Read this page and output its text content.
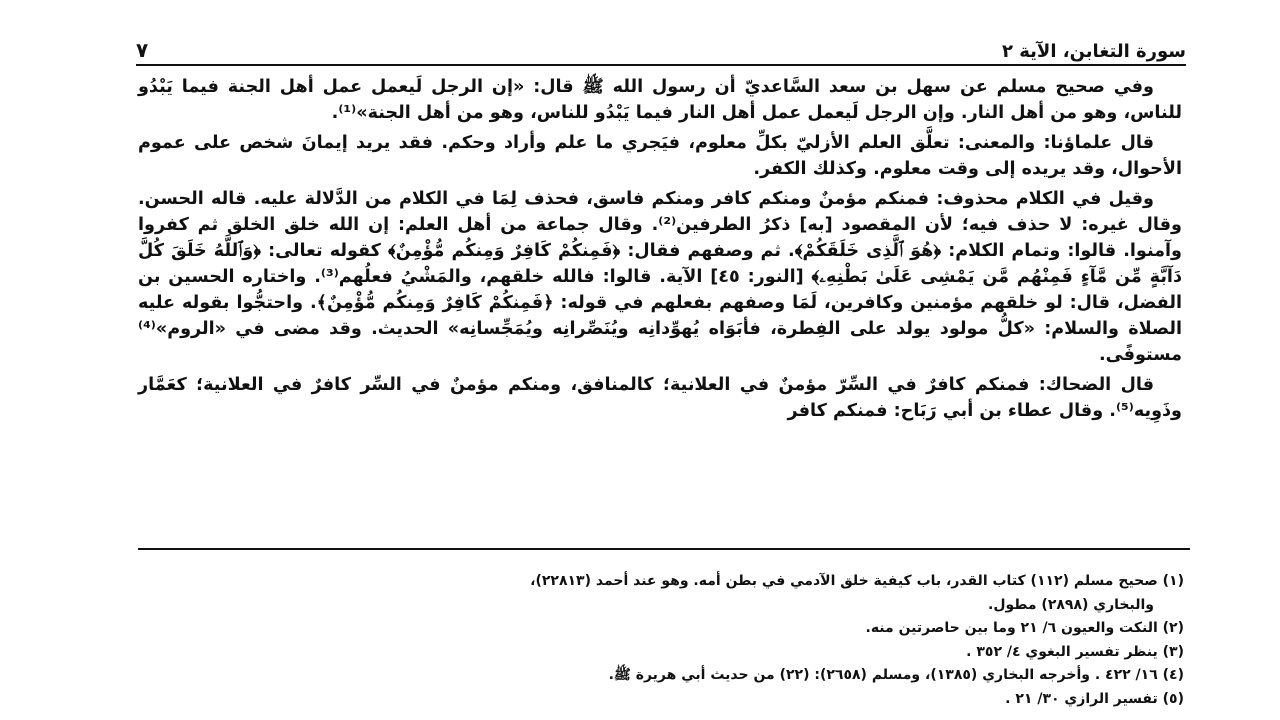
سورة التغابن، الآية ٢
٧

وفي صحيح مسلم عن سهل بن سعد السَّاعديّ أن رسول الله ﷺ قال: «إن الرجل لَيعمل عمل أهل الجنة فيما يَبْدُو للناس، وهو من أهل النار. وإن الرجل لَيعمل عمل أهل النار فيما يَبْدُو للناس، وهو من أهل الجنة»⁽¹⁾.

قال علماؤنا: والمعنى: تعلَّق العلم الأزليّ بكلِّ معلوم، فيَجري ما علم وأراد وحكم. فقد يريد إيمانَ شخص على عموم الأحوال، وقد يريده إلى وقت معلوم. وكذلك الكفر.

وقيل في الكلام محذوف: فمنكم مؤمنٌ ومنكم كافر ومنكم فاسق، فحذف لِمَا في الكلام من الدَّلالة عليه. قاله الحسن. وقال غيره: لا حذف فيه؛ لأن المقصود [به] ذكرُ الطرفين⁽²⁾. وقال جماعة من أهل العلم: إن الله خلق الخلق ثم كفروا وآمنوا. قالوا: وتمام الكلام: ﴿هُوَ ٱلَّذِى خَلَقَكُمْ﴾. ثم وصفهم فقال: ﴿فَمِنكُمْ كَافِرٌ وَمِنكُم مُّؤْمِنٌ﴾ كقوله تعالى: ﴿وَٱللَّهُ خَلَقَ كُلَّ دَآبَّةٍ مِّن مَّآءٍ فَمِنْهُم مَّن يَمْشِى عَلَىٰ بَطْنِهِۦ﴾ [النور: ٤٥] الآية. قالوا: فالله خلقهم، والمَشْيُ فعلُهم⁽³⁾. واختاره الحسين بن الفضل، قال: لو خلقهم مؤمنين وكافرين، لَمَا وصفهم بفعلهم في قوله: ﴿فَمِنكُمْ كَافِرٌ وَمِنكُم مُّؤْمِنٌ﴾. واحتجُّوا بقوله عليه الصلاة والسلام: «كلُّ مولود يولد على الفِطرة، فأبَوَاه يُهوِّدانِه ويُنَصِّرانِه ويُمَجِّسانِه» الحديث. وقد مضى في «الروم»⁽⁴⁾ مستوفًى.

قال الضحاك: فمنكم كافرٌ في السِّرّ مؤمنٌ في العلانية؛ كالمنافق، ومنكم مؤمنٌ في السِّر كافرٌ في العلانية؛ كعَمَّار وذَوِيه⁽⁵⁾. وقال عطاء بن أبي رَبَاح: فمنكم كافر

(١) صحيح مسلم (١١٢) كتاب القدر، باب كيفية خلق الآدمي في بطن أمه. وهو عند أحمد (٢٢٨١٣)،

والبخاري (٢٨٩٨) مطول.

(٢) النكت والعيون ٦/ ٢١ وما بين حاصرتين منه.

(٣) ينظر تفسير البغوي ٤/ ٣٥٢ .

(٤) ١٦/ ٤٢٢ . وأخرجه البخاري (١٣٨٥)، ومسلم (٢٦٥٨): (٢٢) من حديث أبي هريرة ﷺ.

(٥) تفسير الرازي ٣٠/ ٢١ .
